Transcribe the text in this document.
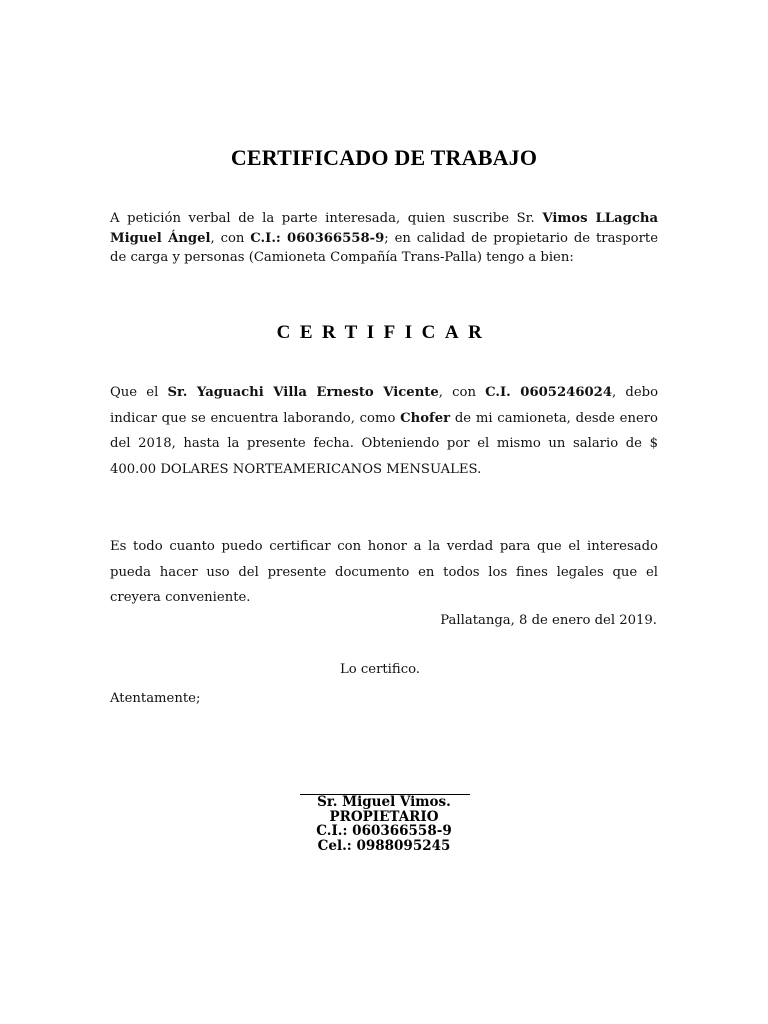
CERTIFICADO DE TRABAJO

A petición verbal de la parte interesada, quien suscribe Sr. Vimos LLagcha Miguel Ángel, con C.I.: 060366558-9; en calidad de propietario de trasporte de carga y personas (Camioneta Compañía Trans-Palla) tengo a bien:

CERTIFICAR

Que el Sr. Yaguachi Villa Ernesto Vicente, con C.I. 0605246024, debo indicar que se encuentra laborando, como Chofer de mi camioneta, desde enero del 2018, hasta la presente fecha. Obteniendo por el mismo un salario de $ 400.00 DOLARES NORTEAMERICANOS MENSUALES.

Es todo cuanto puedo certificar con honor a la verdad para que el interesado pueda hacer uso del presente documento en todos los fines legales que el creyera conveniente.

Pallatanga, 8 de enero del 2019.

Lo certifico.

Atentamente;

Sr. Miguel Vimos.
PROPIETARIO
C.I.: 060366558-9
Cel.: 0988095245
